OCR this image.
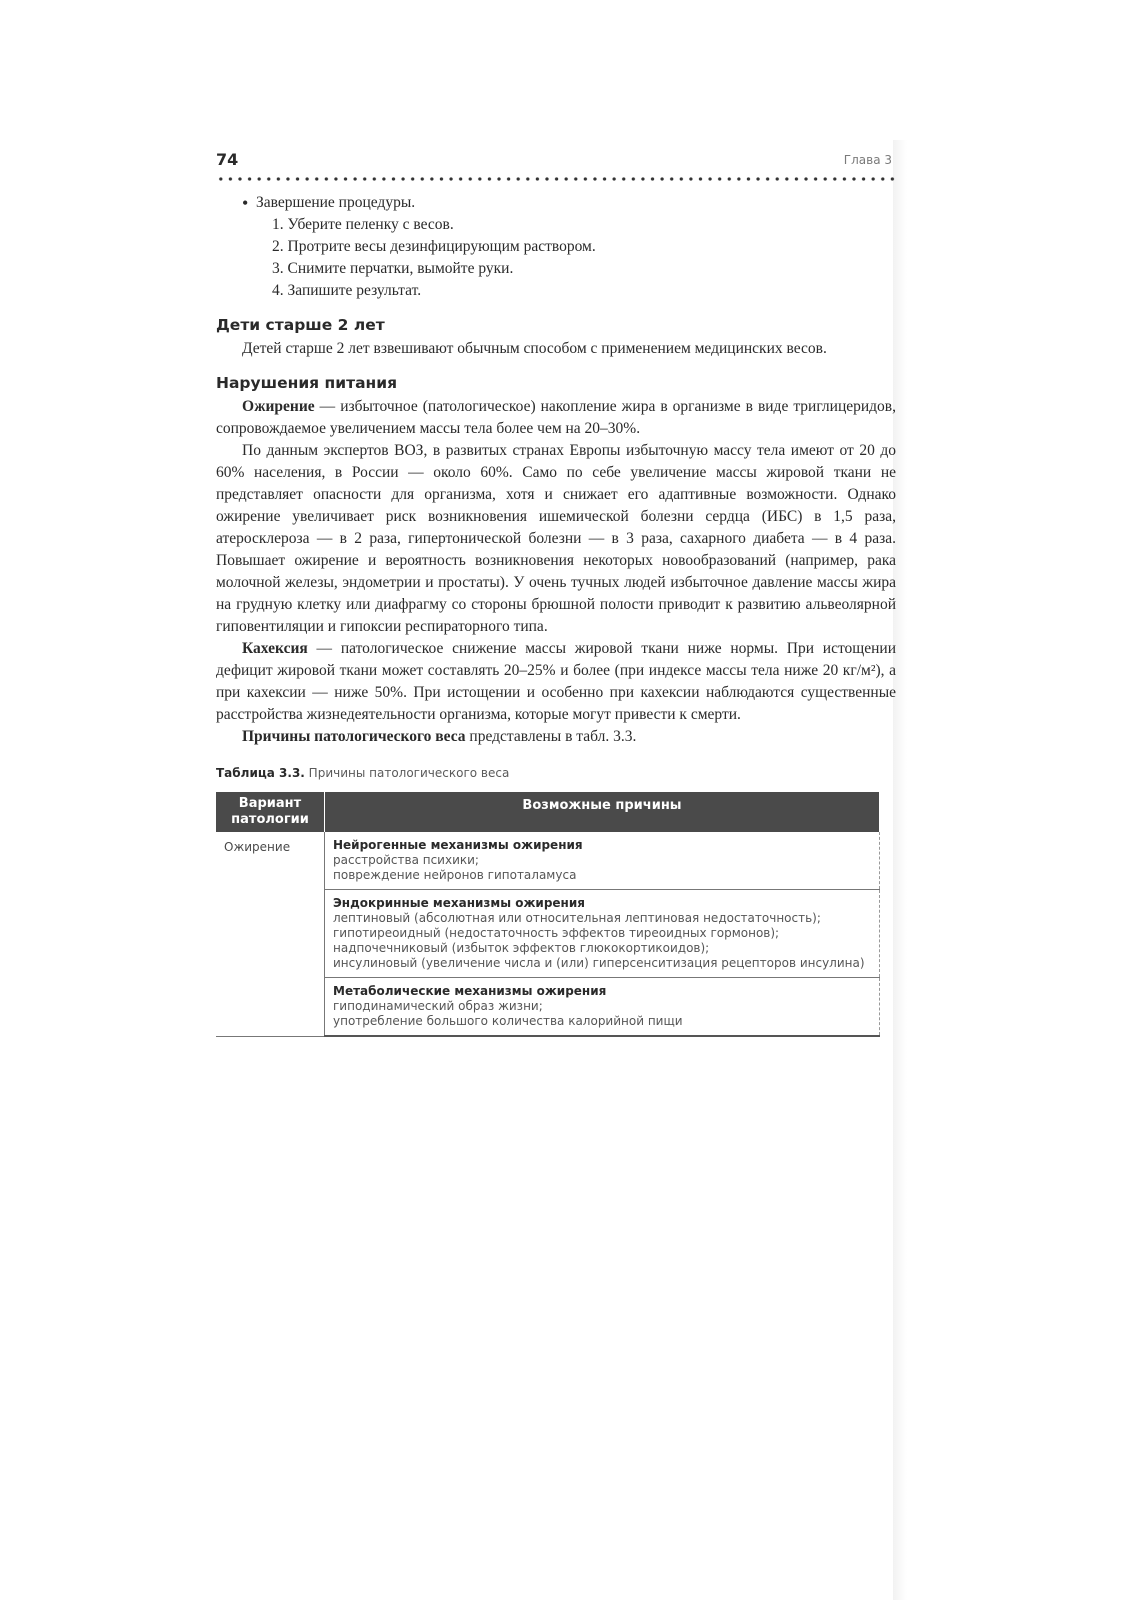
74	Глава 3
• Завершение процедуры.
1. Уберите пеленку с весов.
2. Протрите весы дезинфицирующим раствором.
3. Снимите перчатки, вымойте руки.
4. Запишите результат.
Дети старше 2 лет

Детей старше 2 лет взвешивают обычным способом с применением медицинских весов.

Нарушения питания

Ожирение — избыточное (патологическое) накопление жира в организме в виде триглицеридов, сопровождаемое увеличением массы тела более чем на 20–30%.

По данным экспертов ВОЗ, в развитых странах Европы избыточную массу тела имеют от 20 до 60% населения, в России — около 60%. Само по себе увеличение массы жировой ткани не представляет опасности для организма, хотя и снижает его адаптивные возможности. Однако ожирение увеличивает риск возникновения ишемической болезни сердца (ИБС) в 1,5 раза, атеросклероза — в 2 раза, гипертонической болезни — в 3 раза, сахарного диабета — в 4 раза. Повышает ожирение и вероятность возникновения некоторых новообразований (например, рака молочной железы, эндометрии и простаты). У очень тучных людей избыточное давление массы жира на грудную клетку или диафрагму со стороны брюшной полости приводит к развитию альвеолярной гиповентиляции и гипоксии респираторного типа.

Кахексия — патологическое снижение массы жировой ткани ниже нормы. При истощении дефицит жировой ткани может составлять 20–25% и более (при индексе массы тела ниже 20 кг/м²), а при кахексии — ниже 50%. При истощении и особенно при кахексии наблюдаются существенные расстройства жизнедеятельности организма, которые могут привести к смерти.

Причины патологического веса представлены в табл. 3.3.

Таблица 3.3. Причины патологического веса
Вариант патологии	Возможные причины
Ожирение	Нейрогенные механизмы ожирения
расстройства психики;
повреждение нейронов гипоталамуса

	Эндокринные механизмы ожирения
лептиновый (абсолютная или относительная лептиновая недостаточность);
гипотиреоидный (недостаточность эффектов тиреоидных гормонов);
надпочечниковый (избыток эффектов глюкокортикоидов);
инсулиновый (увеличение числа и (или) гиперсенситизация рецепторов инсулина)

	Метаболические механизмы ожирения
гиподинамический образ жизни;
употребление большого количества калорийной пищи
